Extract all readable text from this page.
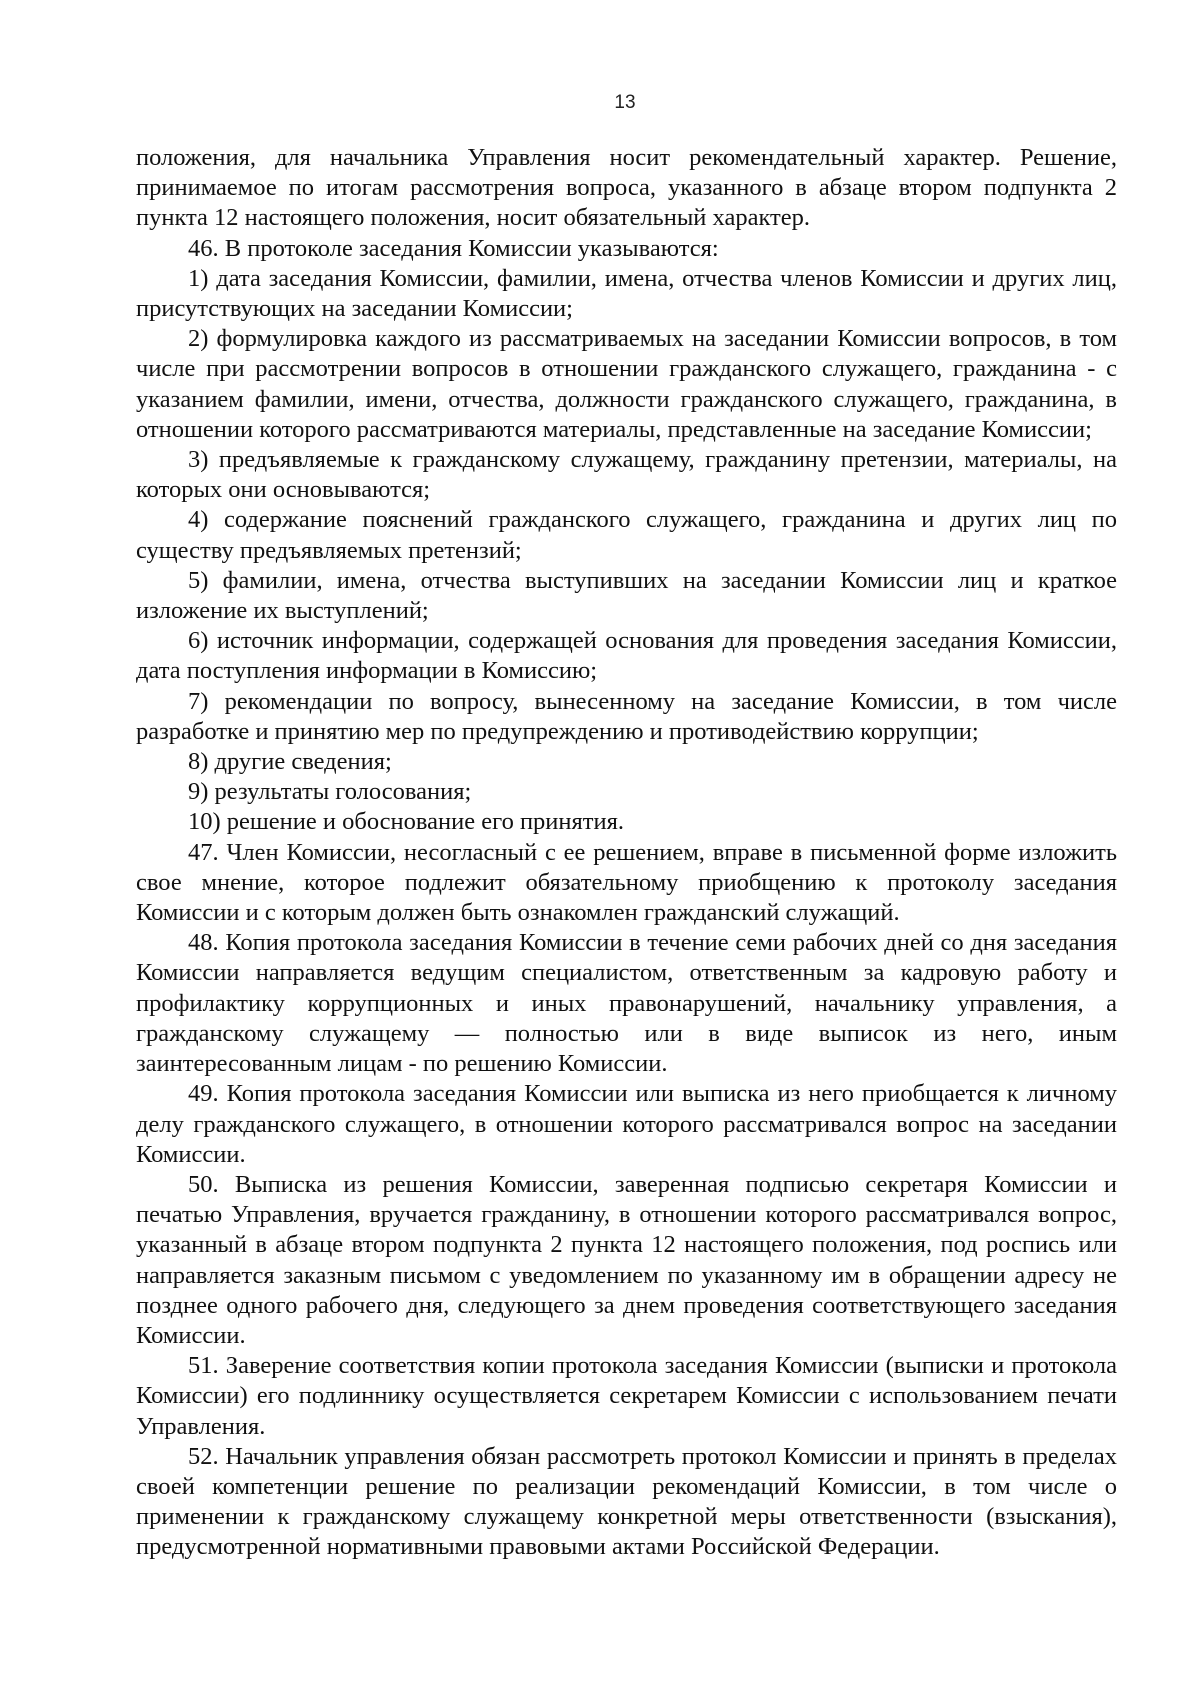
13

положения, для начальника Управления носит рекомендательный характер. Решение, принимаемое по итогам рассмотрения вопроса, указанного в абзаце втором подпункта 2 пункта 12 настоящего положения, носит обязательный характер.

46. В протоколе заседания Комиссии указываются:

1) дата заседания Комиссии, фамилии, имена, отчества членов Комиссии и других лиц, присутствующих на заседании Комиссии;

2) формулировка каждого из рассматриваемых на заседании Комиссии вопросов, в том числе при рассмотрении вопросов в отношении гражданского служащего, гражданина - с указанием фамилии, имени, отчества, должности гражданского служащего, гражданина, в отношении которого рассматриваются материалы, представленные на заседание Комиссии;

3) предъявляемые к гражданскому служащему, гражданину претензии, материалы, на которых они основываются;

4) содержание пояснений гражданского служащего, гражданина и других лиц по существу предъявляемых претензий;

5) фамилии, имена, отчества выступивших на заседании Комиссии лиц и краткое изложение их выступлений;

6) источник информации, содержащей основания для проведения заседания Комиссии, дата поступления информации в Комиссию;

7) рекомендации по вопросу, вынесенному на заседание Комиссии, в том числе разработке и принятию мер по предупреждению и противодействию коррупции;

8) другие сведения;

9) результаты голосования;

10) решение и обоснование его принятия.

47. Член Комиссии, несогласный с ее решением, вправе в письменной форме изложить свое мнение, которое подлежит обязательному приобщению к протоколу заседания Комиссии и с которым должен быть ознакомлен гражданский служащий.

48. Копия протокола заседания Комиссии в течение семи рабочих дней со дня заседания Комиссии направляется ведущим специалистом, ответственным за кадровую работу и профилактику коррупционных и иных правонарушений, начальнику управления, а гражданскому служащему — полностью или в виде выписок из него, иным заинтересованным лицам - по решению Комиссии.

49. Копия протокола заседания Комиссии или выписка из него приобщается к личному делу гражданского служащего, в отношении которого рассматривался вопрос на заседании Комиссии.

50. Выписка из решения Комиссии, заверенная подписью секретаря Комиссии и печатью Управления, вручается гражданину, в отношении которого рассматривался вопрос, указанный в абзаце втором подпункта 2 пункта 12 настоящего положения, под роспись или направляется заказным письмом с уведомлением по указанному им в обращении адресу не позднее одного рабочего дня, следующего за днем проведения соответствующего заседания Комиссии.

51. Заверение соответствия копии протокола заседания Комиссии (выписки и протокола Комиссии) его подлиннику осуществляется секретарем Комиссии с использованием печати Управления.

52. Начальник управления обязан рассмотреть протокол Комиссии и принять в пределах своей компетенции решение по реализации рекомендаций Комиссии, в том числе о применении к гражданскому служащему конкретной меры ответственности (взыскания), предусмотренной нормативными правовыми актами Российской Федерации.
